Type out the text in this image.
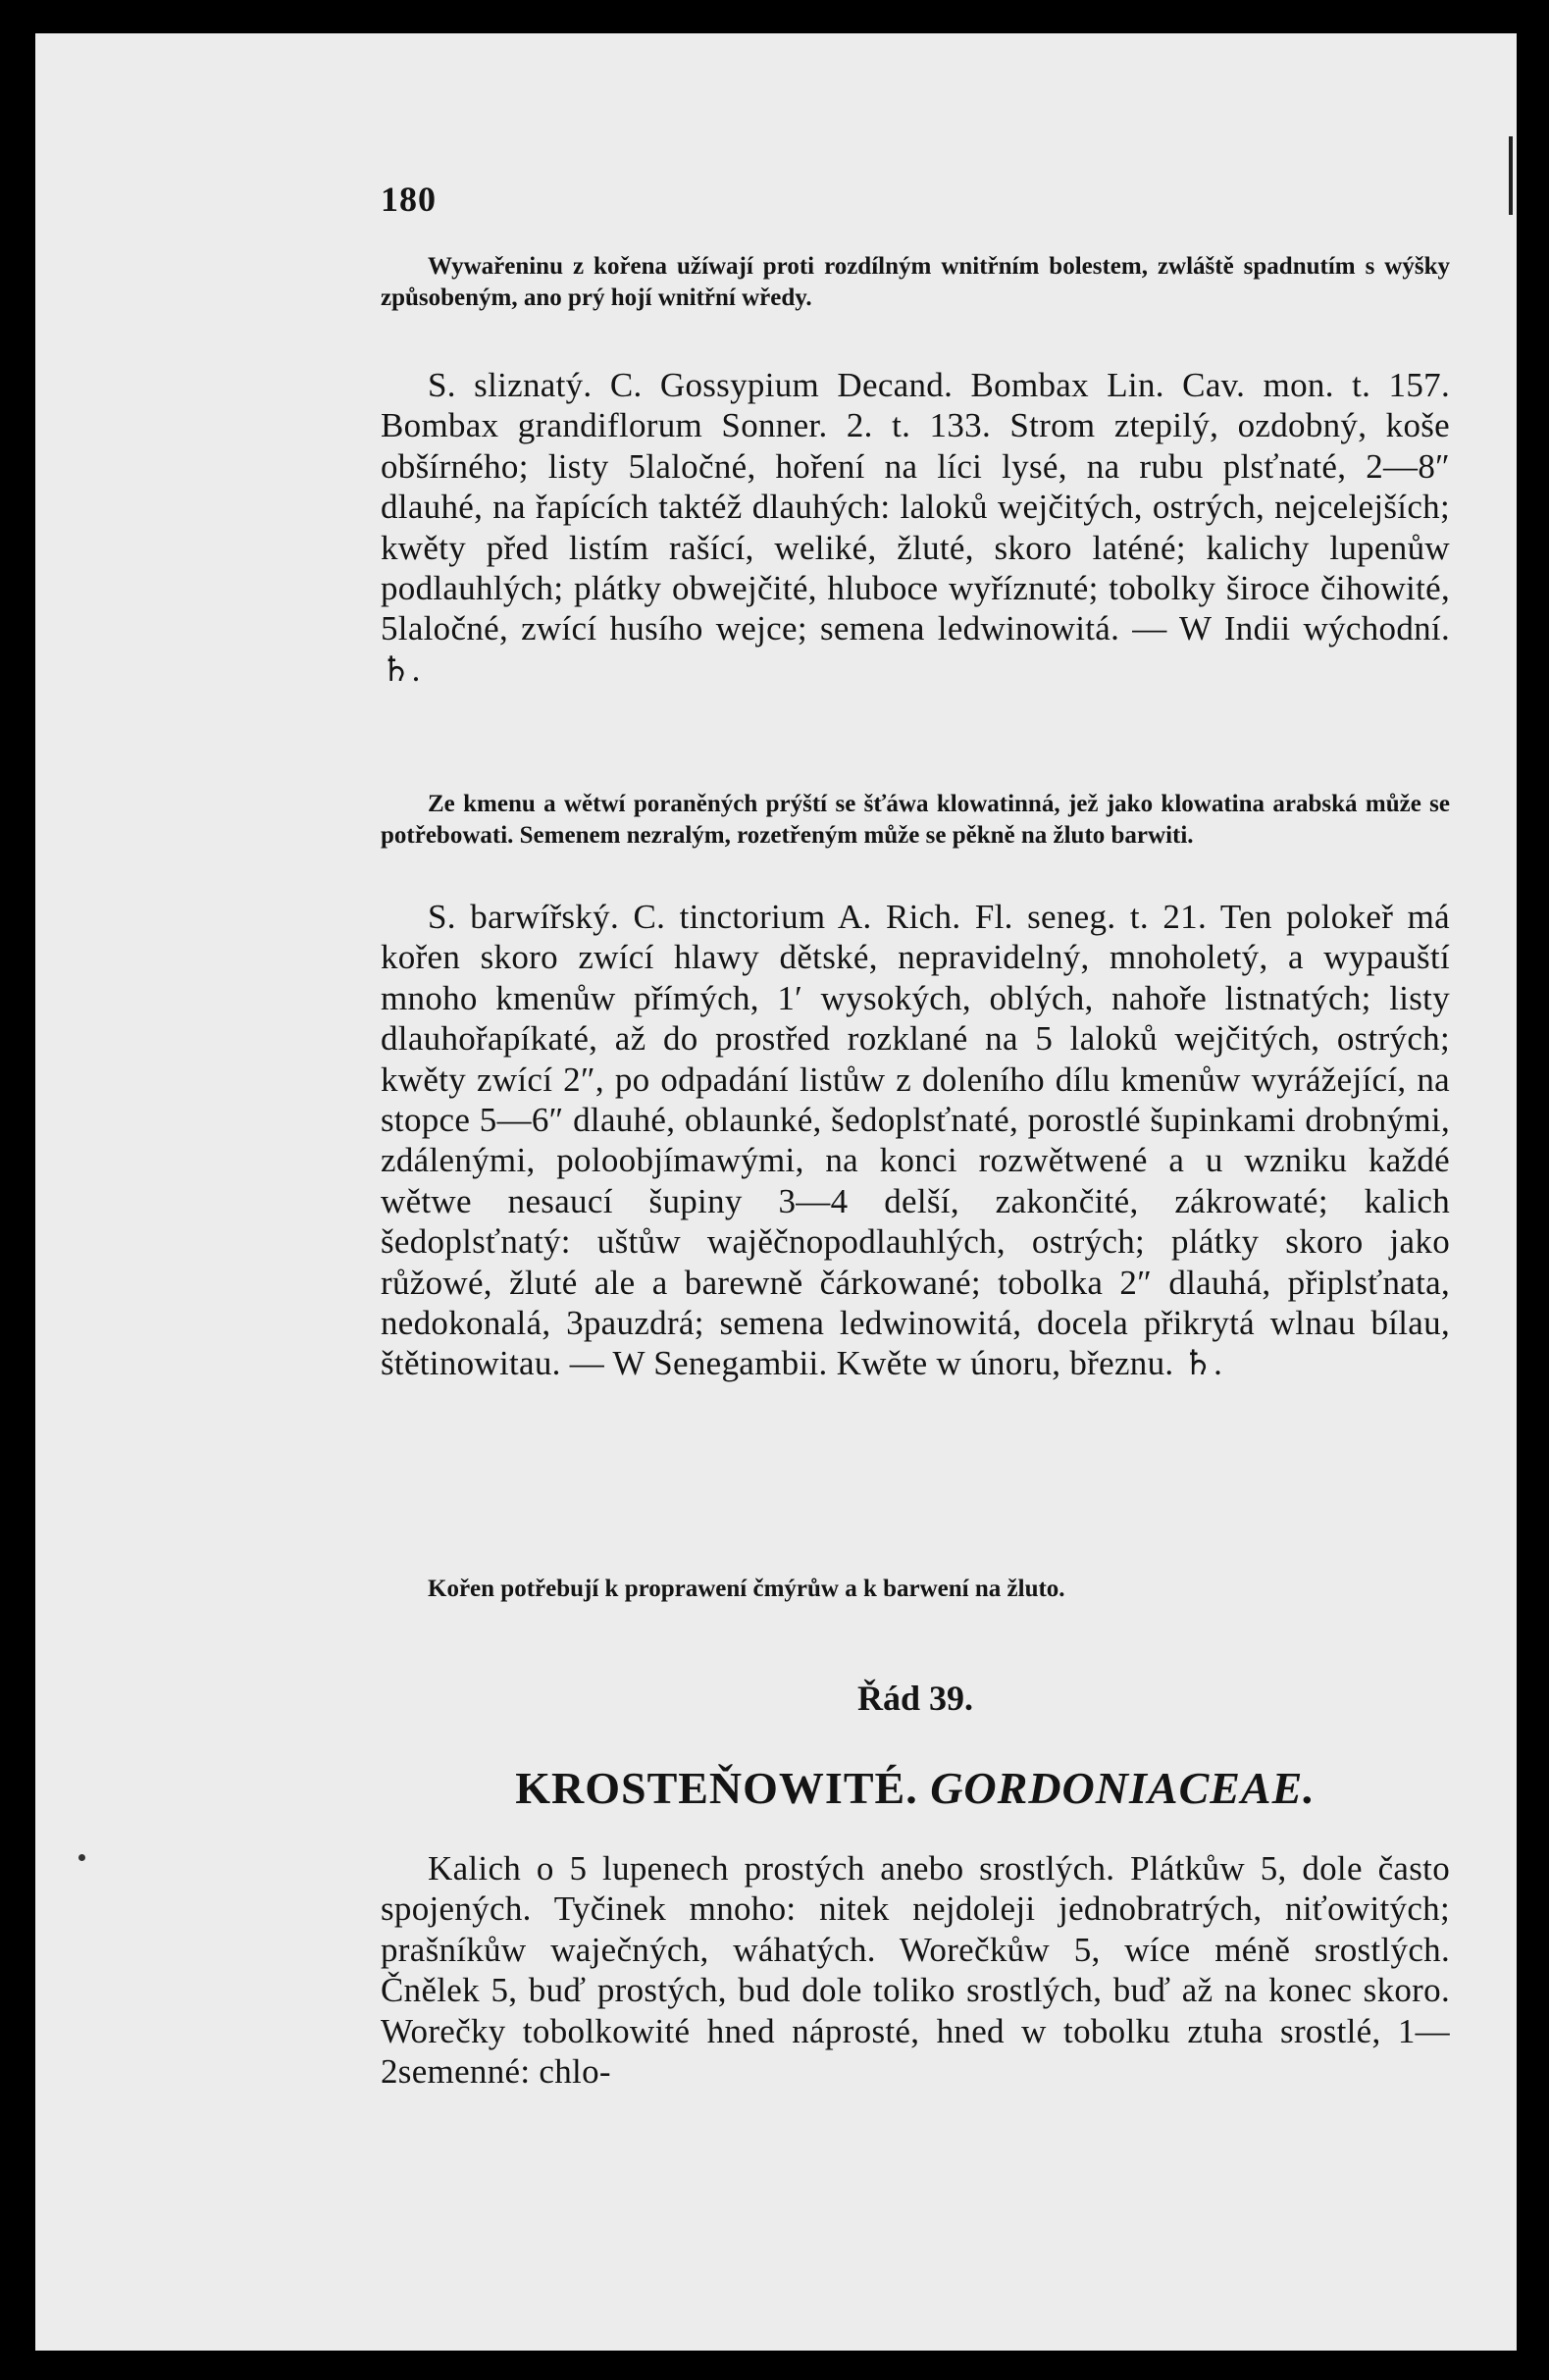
180

Wywařeninu z kořena užíwají proti rozdílným wnitřním bolestem, zwláště spadnutím s wýšky způsobeným, ano prý hojí wnitřní wředy.

S. sliznatý. C. Gossypium Decand. Bombax Lin. Cav. mon. t. 157. Bombax grandiflorum Sonner. 2. t. 133. Strom ztepilý, ozdobný, koše obšírného; listy 5laločné, hoření na líci lysé, na rubu plsťnaté, 2—8″ dlauhé, na řapících taktéž dlauhých: laloků wejčitých, ostrých, nejcelejších; kwěty před listím rašící, weliké, žluté, skoro laténé; kalichy lupenůw podlauhlých; plátky obwejčité, hluboce wyříznuté; tobolky široce čihowité, 5laločné, zwící husího wejce; semena ledwinowitá. — W Indii wýchodní. ♄.

Ze kmenu a wětwí poraněných prýští se šťáwa klowatinná, jež jako klowatina arabská může se potřebowati. Semenem nezralým, rozetřeným může se pěkně na žluto barwiti.

S. barwířský. C. tinctorium A. Rich. Fl. seneg. t. 21. Ten polokeř má kořen skoro zwící hlawy dětské, nepravidelný, mnoholetý, a wypauští mnoho kmenůw přímých, 1′ wysokých, oblých, nahoře listnatých; listy dlauhořapíkaté, až do prostřed rozklané na 5 laloků wejčitých, ostrých; kwěty zwící 2″, po odpadání listůw z doleního dílu kmenůw wyrážející, na stopce 5—6″ dlauhé, oblaunké, šedoplsťnaté, porostlé šupinkami drobnými, zdálenými, poloobjímawými, na konci rozwětwené a u wzniku každé wětwe nesaucí šupiny 3—4 delší, zakončité, zákrowaté; kalich šedoplsťnatý: uštůw wajěčnopodlauhlých, ostrých; plátky skoro jako růžowé, žluté ale a barewně čárkowané; tobolka 2″ dlauhá, připlsťnata, nedokonalá, 3pauzdrá; semena ledwinowitá, docela přikrytá wlnau bílau, štětinowitau. — W Senegambii. Kwěte w únoru, březnu. ♄.

Kořen potřebují k proprawení čmýrůw a k barwení na žluto.

Řád 39.

KROSTEŇOWITÉ. GORDONIACEAE.

Kalich o 5 lupenech prostých anebo srostlých. Plátkůw 5, dole často spojených. Tyčinek mnoho: nitek nejdoleji jednobratrých, niťowitých; prašníkůw waječných, wáhatých. Worečkůw 5, wíce méně srostlých. Čnělek 5, buď prostých, bud dole toliko srostlých, buď až na konec skoro. Worečky tobolkowité hned náprosté, hned w tobolku ztuha srostlé, 1—2semenné: chlo-
